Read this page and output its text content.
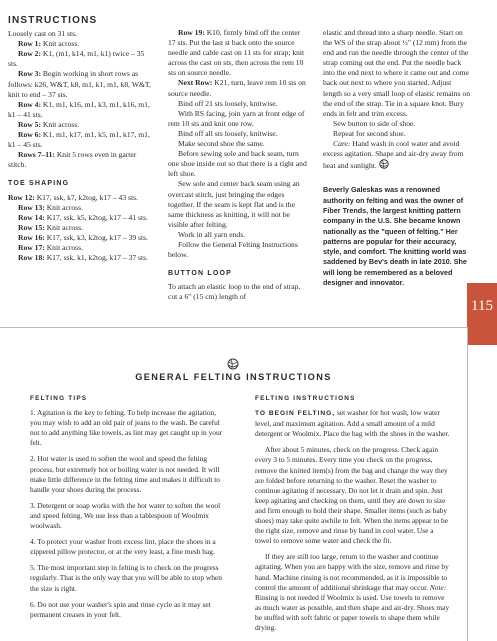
INSTRUCTIONS

Loosely cast on 31 sts.

Row 1: Knit across.

Row 2: K1, (m1, k14, m1, k1) twice – 35 sts.

Row 3: Begin working in short rows as follows: k26, W&T, k8, m1, k1, m1, k8, W&T, knit to end – 37 sts.

Row 4: K1, m1, k16, m1, k3, m1, k16, m1, k1 – 41 sts.

Row 5: Knit across.

Row 6: K1, m1, k17, m1, k5, m1, k17, m1, k1 – 45 sts.

Rows 7–11: Knit 5 rows even in garter stitch.

TOE SHAPING

Row 12: K17, ssk, k7, k2tog, k17 – 43 sts.

Row 13: Knit across.

Row 14: K17, ssk, k5, k2tog, k17 – 41 sts.

Row 15: Knit across.

Row 16: K17, ssk, k3, k2tog, k17 – 39 sts.

Row 17: Knit across.

Row 18: K17, ssk, k1, k2tog, k17 – 37 sts.

Row 19: K10, firmly bind off the center 17 sts. Put the last st back onto the source needle and cable cast on 11 sts for strap; knit across the cast on sts, then across the rem 10 sts on source needle.

Next Row: K21, turn, leave rem 10 sts on source needle.

Bind off 21 sts loosely, knitwise.

With RS facing, join yarn at front edge of rem 10 sts and knit one row.

Bind off all sts loosely, knitwise.

Make second shoe the same.

Before sewing sole and back seam, turn one shoe inside out so that there is a right and left shoe.

Sew sole and center back seam using an overcast stitch, just bringing the edges together. If the seam is kept flat and is the same thickness as knitting, it will not be visible after felting.

Work in all yarn ends.

Follow the General Felting Instructions below.

BUTTON LOOP

To attach an elastic loop to the end of strap, cut a 6" (15 cm) length of

elastic and thread into a sharp needle. Start on the WS of the strap about ½" (12 mm) from the end and run the needle through the center of the strap coming out the end. Put the needle back into the end next to where it came out and come back out next to where you started. Adjust length so a very small loop of elastic remains on the end of the strap. Tie in a square knot. Bury ends in felt and trim excess.

Sew button to side of shoe.

Repeat for second shoe.

Care: Hand wash in cool water and avoid excess agitation. Shape and air-dry away from heat and sunlight.

Beverly Galeskas was a renowned authority on felting and was the owner of Fiber Trends, the largest knitting pattern company in the U.S. She became known nationally as the "queen of felting." Her patterns are popular for their accuracy, style, and comfort. The knitting world was saddened by Bev's death in late 2010. She will long be remembered as a beloved designer and innovator.

115
GENERAL FELTING INSTRUCTIONS

FELTING TIPS

1. Agitation is the key to felting. To help increase the agitation, you may wish to add an old pair of jeans to the wash. Be careful not to add anything like towels, as lint may get caught up in your felt.

2. Hot water is used to soften the wool and speed the felting process, but extremely hot or boiling water is not needed. It will make little difference in the felting time and makes it difficult to handle your shoes during the process.

3. Detergent or soap works with the hot water to soften the wool and speed felting. We use less than a tablespoon of Woolmix woolwash.

4. To protect your washer from excess lint, place the shoes in a zippered pillow protector, or at the very least, a fine mesh bag.

5. The most important step in felting is to check on the progress regularly. That is the only way that you will be able to stop when the size is right.

6. Do not use your washer's spin and rinse cycle as it may set permanent creases in your felt.

FELTING INSTRUCTIONS

TO BEGIN FELTING, set washer for hot wash, low water level, and maximum agitation. Add a small amount of a mild detergent or Woolmix. Place the bag with the shoes in the washer.

After about 5 minutes, check on the progress. Check again every 3 to 5 minutes. Every time you check on the progress, remove the knitted item(s) from the bag and change the way they are folded before returning to the washer. Reset the washer to continue agitating if necessary. Do not let it drain and spin. Just keep agitating and checking on them, until they are down to size and firm enough to hold their shape. Smaller items (such as baby shoes) may take quite awhile to felt. When the items appear to be the right size, remove and rinse by hand in cool water. Use a towel to remove some water and check the fit.

If they are still too large, return to the washer and continue agitating. When you are happy with the size, remove and rinse by hand. Machine rinsing is not recommended, as it is impossible to control the amount of additional shrinkage that may occur. Note: Rinsing is not needed if Woolmix is used. Use towels to remove as much water as possible, and then shape and air-dry. Shoes may be stuffed with soft fabric or paper towels to shape them while drying.
